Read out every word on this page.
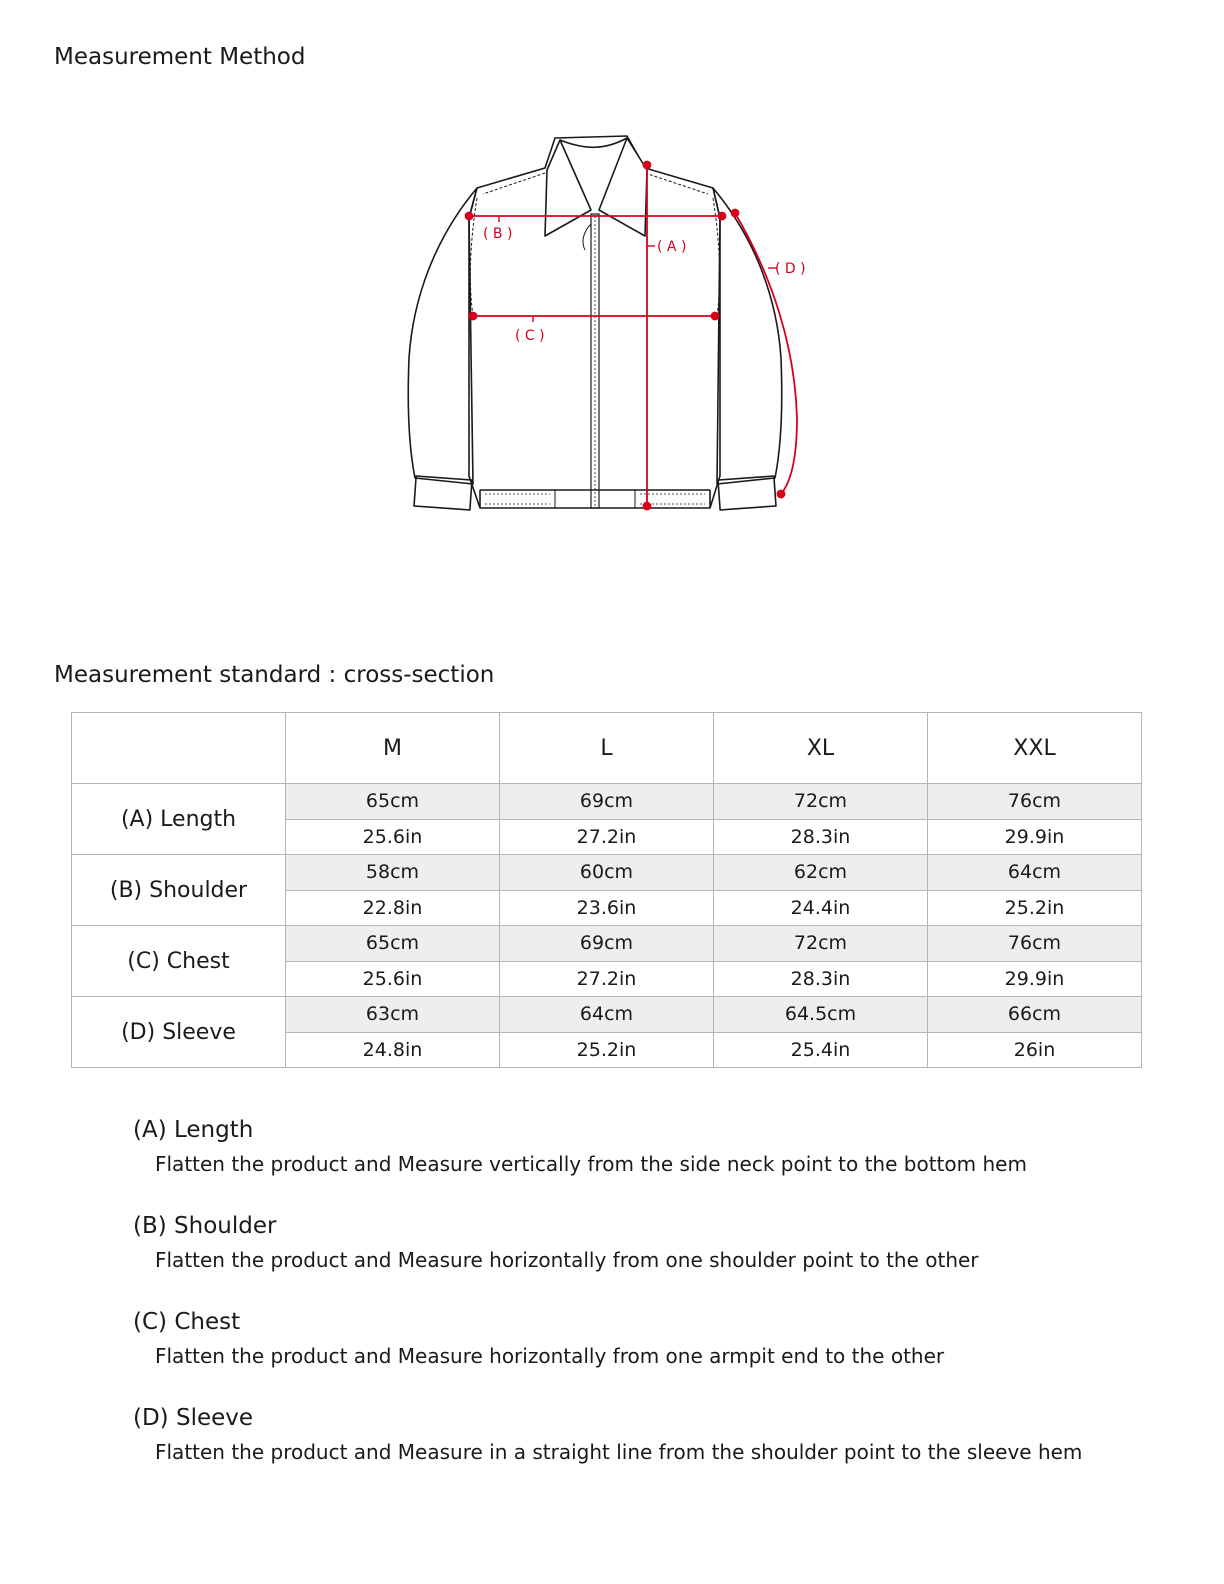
Measurement Method
( B )
( C )
( A )
( D )
Measurement standard : cross-section
	M	L	XL	XXL
(A) Length	65cm	69cm	72cm	76cm
	25.6in	27.2in	28.3in	29.9in
(B) Shoulder	58cm	60cm	62cm	64cm
	22.8in	23.6in	24.4in	25.2in
(C) Chest	65cm	69cm	72cm	76cm
	25.6in	27.2in	28.3in	29.9in
(D) Sleeve	63cm	64cm	64.5cm	66cm
	24.8in	25.2in	25.4in	26in

(A) Length

Flatten the product and Measure vertically from the side neck point to the bottom hem

(B) Shoulder

Flatten the product and Measure horizontally from one shoulder point to the other

(C) Chest

Flatten the product and Measure horizontally from one armpit end to the other

(D) Sleeve

Flatten the product and Measure in a straight line from the shoulder point to the sleeve hem
